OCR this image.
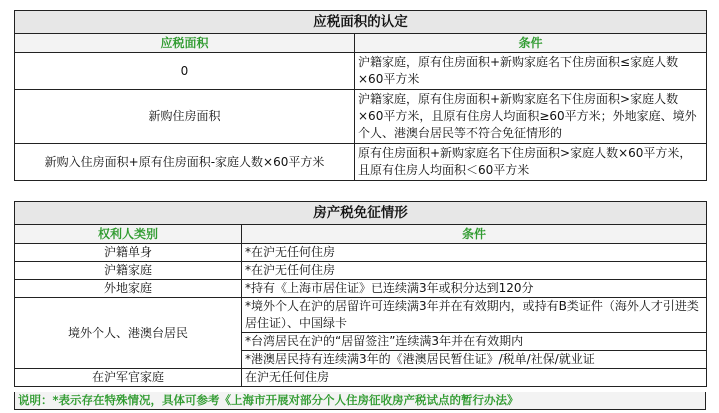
应税面积的认定	
应税面积	条件
0	沪籍家庭，原有住房面积+新购家庭名下住房面积≤家庭人数×60平方米
新购住房面积	沪籍家庭，原有住房面积+新购家庭名下住房面积>家庭人数×60平方米，且原有住房人均面积≥60平方米；外地家庭、境外个人、港澳台居民等不符合免征情形的
新购入住房面积+原有住房面积-家庭人数×60平方米	原有住房面积+新购家庭名下住房面积>家庭人数×60平方米，且原有住房人均面积＜60平方米
房产税免征情形	
权利人类别	条件
沪籍单身	*在沪无任何住房
沪籍家庭	*在沪无任何住房
外地家庭	*持有《上海市居住证》已连续满3年或积分达到120分
境外个人、港澳台居民	*境外个人在沪的居留许可连续满3年并在有效期内，或持有B类证件（海外人才引进类居住证）、中国绿卡
	*台湾居民在沪的“居留签注”连续满3年并在有效期内
	*港澳居民持有连续满3年的《港澳居民暂住证》/税单/社保/就业证
在沪军官家庭	在沪无任何住房
说明：*表示存在特殊情况，具体可参考《上海市开展对部分个人住房征收房产税试点的暂行办法》
